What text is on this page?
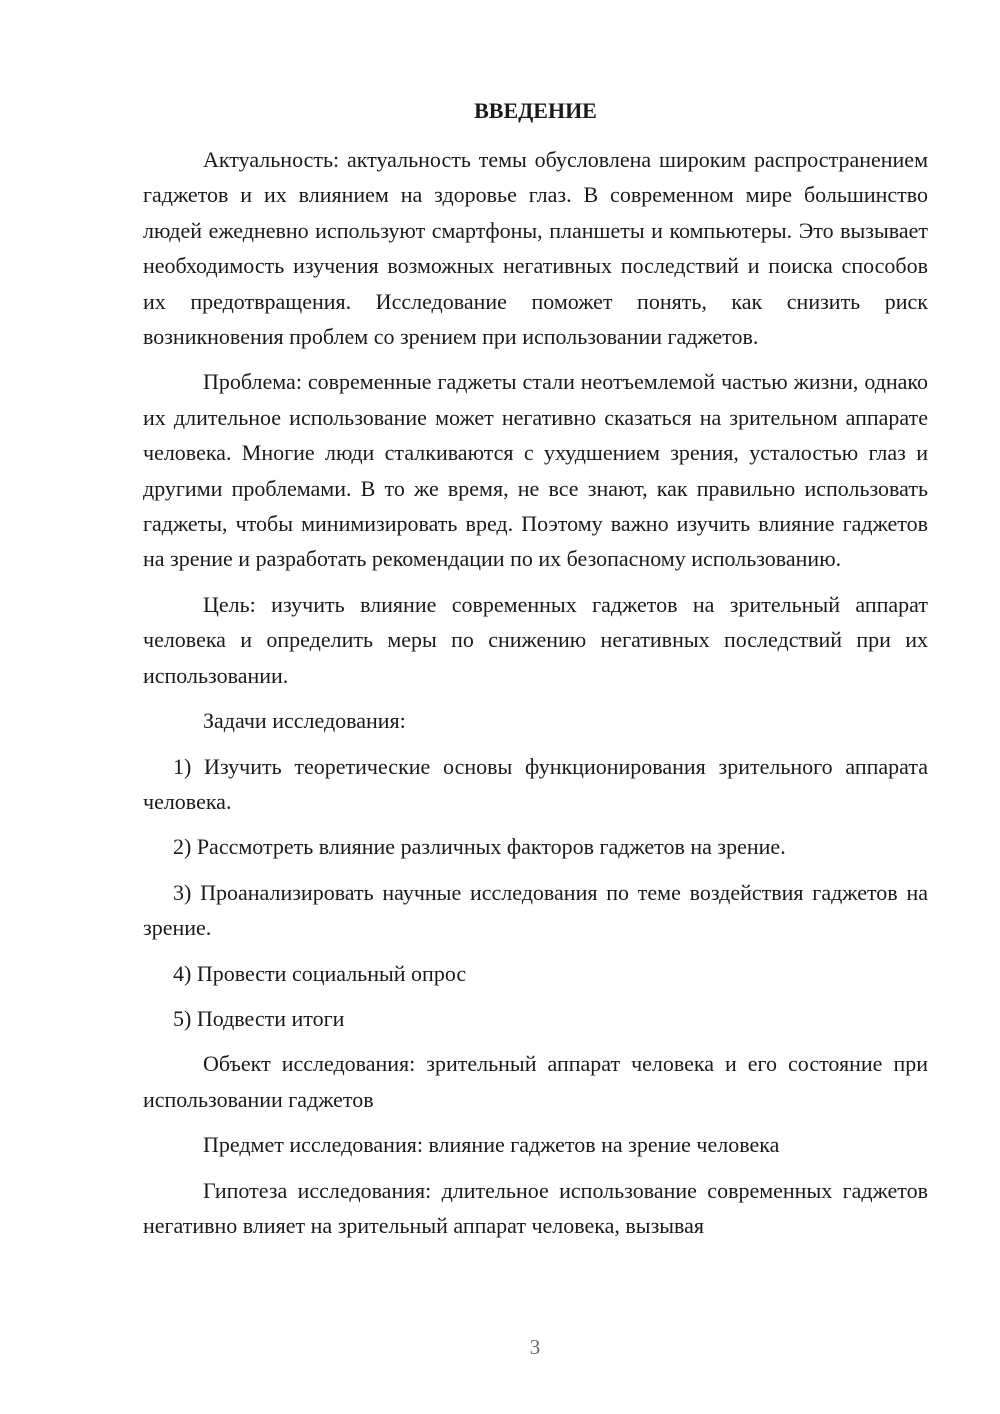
ВВЕДЕНИЕ

Актуальность: актуальность темы обусловлена широким распространением гаджетов и их влиянием на здоровье глаз. В современном мире большинство людей ежедневно используют смартфоны, планшеты и компьютеры. Это вызывает необходимость изучения возможных негативных последствий и поиска способов их предотвращения. Исследование поможет понять, как снизить риск возникновения проблем со зрением при использовании гаджетов.

Проблема: современные гаджеты стали неотъемлемой частью жизни, однако их длительное использование может негативно сказаться на зрительном аппарате человека. Многие люди сталкиваются с ухудшением зрения, усталостью глаз и другими проблемами. В то же время, не все знают, как правильно использовать гаджеты, чтобы минимизировать вред. Поэтому важно изучить влияние гаджетов на зрение и разработать рекомендации по их безопасному использованию.

Цель: изучить влияние современных гаджетов на зрительный аппарат человека и определить меры по снижению негативных последствий при их использовании.

Задачи исследования:

1) Изучить теоретические основы функционирования зрительного аппарата человека.

2) Рассмотреть влияние различных факторов гаджетов на зрение.

3) Проанализировать научные исследования по теме воздействия гаджетов на зрение.

4) Провести социальный опрос

5) Подвести итоги

Объект исследования: зрительный аппарат человека и его состояние при использовании гаджетов

Предмет исследования: влияние гаджетов на зрение человека

Гипотеза исследования: длительное использование современных гаджетов негативно влияет на зрительный аппарат человека, вызывая

3
